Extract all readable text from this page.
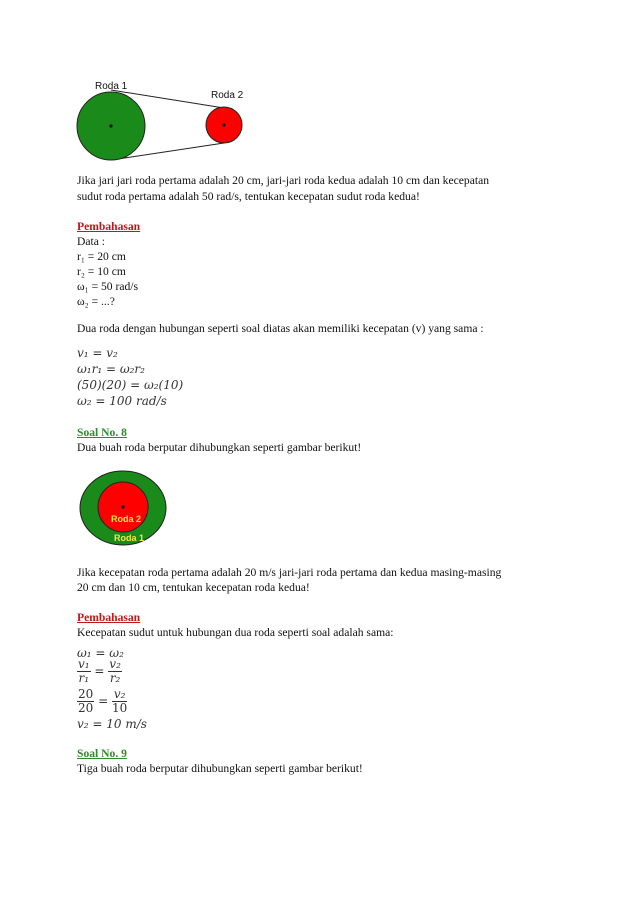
Roda 1
Roda 2
Jika jari jari roda pertama adalah 20 cm, jari-jari roda kedua adalah 10 cm dan kecepatan
sudut roda pertama adalah 50 rad/s, tentukan kecepatan sudut roda kedua!
Pembahasan
Data :
r₁ = 20 cm
r₂ = 10 cm
ω₁ = 50 rad/s
ω₂ = ...?
Dua roda dengan hubungan seperti soal diatas akan memiliki kecepatan (v) yang sama :
v₁ = v₂
ω₁r₁ = ω₂r₂
(50)(20) = ω₂(10)
ω₂ = 100 rad/s
Soal No. 8
Dua buah roda berputar dihubungkan seperti gambar berikut!
Roda 2
Roda 1
Jika kecepatan roda pertama adalah 20 m/s jari-jari roda pertama dan kedua masing-masing
20 cm dan 10 cm, tentukan kecepatan roda kedua!
Pembahasan
Kecepatan sudut untuk hubungan dua roda seperti soal adalah sama:
ω₁ = ω₂
$\frac{\text{v₁}}{\text{r₁}} = \frac{\text{v₂}}{\text{r₂}}$
$\frac{20}{20} = \frac{\text{v₂}}{10}$
v₂ = 10 m/s
Soal No. 9
Tiga buah roda berputar dihubungkan seperti gambar berikut!
